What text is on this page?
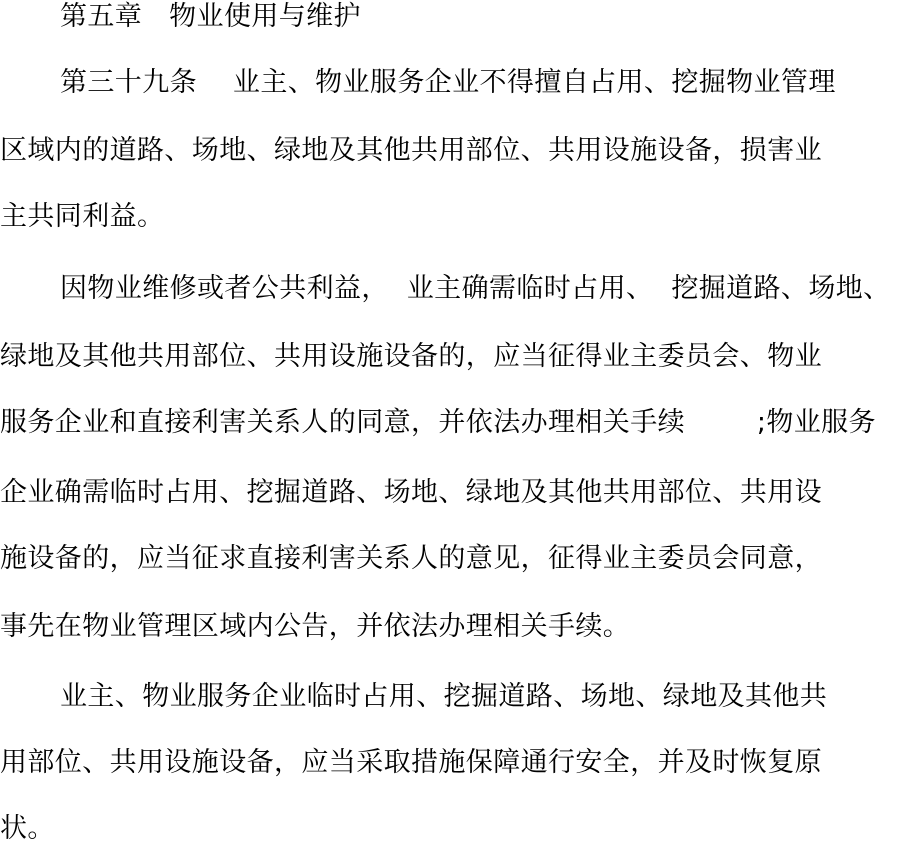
第五章   物业使用与维护
第三十九条    业主、物业服务企业不得擅自占用、挖掘物业管理
区域内的道路、场地、绿地及其他共用部位、共用设施设备，损害业
主共同利益。
因物业维修或者公共利益，  业主确需临时占用、  挖掘道路、场地、
绿地及其他共用部位、共用设施设备的，应当征得业主委员会、物业
服务企业和直接利害关系人的同意，并依法办理相关手续        ;物业服务
企业确需临时占用、挖掘道路、场地、绿地及其他共用部位、共用设
施设备的，应当征求直接利害关系人的意见，征得业主委员会同意，
事先在物业管理区域内公告，并依法办理相关手续。
业主、物业服务企业临时占用、挖掘道路、场地、绿地及其他共
用部位、共用设施设备，应当采取措施保障通行安全，并及时恢复原
状。
